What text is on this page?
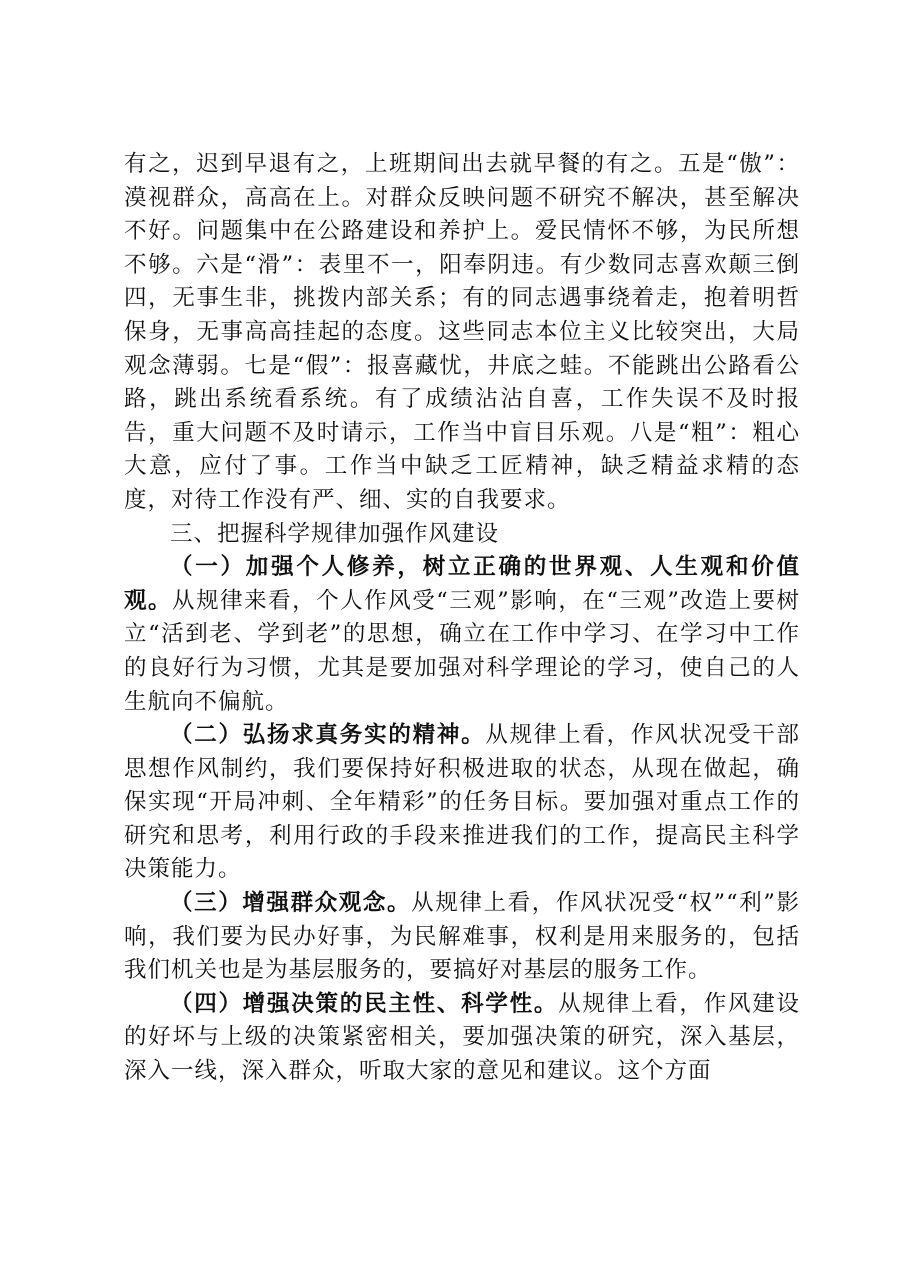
有之，迟到早退有之，上班期间出去就早餐的有之。五是“傲”：漠视群众，高高在上。对群众反映问题不研究不解决，甚至解决不好。问题集中在公路建设和养护上。爱民情怀不够，为民所想不够。六是“滑”：表里不一，阳奉阴违。有少数同志喜欢颠三倒四，无事生非，挑拨内部关系；有的同志遇事绕着走，抱着明哲保身，无事高高挂起的态度。这些同志本位主义比较突出，大局观念薄弱。七是“假”：报喜藏忧，井底之蛙。不能跳出公路看公路，跳出系统看系统。有了成绩沾沾自喜，工作失误不及时报告，重大问题不及时请示，工作当中盲目乐观。八是“粗”：粗心大意，应付了事。工作当中缺乏工匠精神，缺乏精益求精的态度，对待工作没有严、细、实的自我要求。

三、把握科学规律加强作风建设

（一）加强个人修养，树立正确的世界观、人生观和价值观。从规律来看，个人作风受“三观”影响，在“三观”改造上要树立“活到老、学到老”的思想，确立在工作中学习、在学习中工作的良好行为习惯，尤其是要加强对科学理论的学习，使自己的人生航向不偏航。

（二）弘扬求真务实的精神。从规律上看，作风状况受干部思想作风制约，我们要保持好积极进取的状态，从现在做起，确保实现“开局冲刺、全年精彩”的任务目标。要加强对重点工作的研究和思考，利用行政的手段来推进我们的工作，提高民主科学决策能力。

（三）增强群众观念。从规律上看，作风状况受“权”“利”影响，我们要为民办好事，为民解难事，权利是用来服务的，包括我们机关也是为基层服务的，要搞好对基层的服务工作。

（四）增强决策的民主性、科学性。从规律上看，作风建设的好坏与上级的决策紧密相关，要加强决策的研究，深入基层，深入一线，深入群众，听取大家的意见和建议。这个方面
